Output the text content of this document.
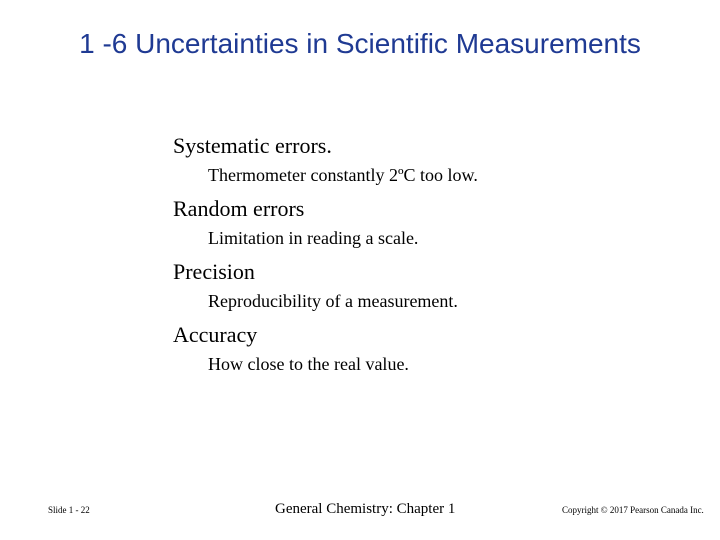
1 -6 Uncertainties in Scientific Measurements
Systematic errors.
Thermometer constantly 2ºC too low.
Random errors
Limitation in reading a scale.
Precision
Reproducibility of a measurement.
Accuracy
How close to the real value.
Slide 1 - 22	General Chemistry: Chapter 1	Copyright © 2017 Pearson Canada Inc.
